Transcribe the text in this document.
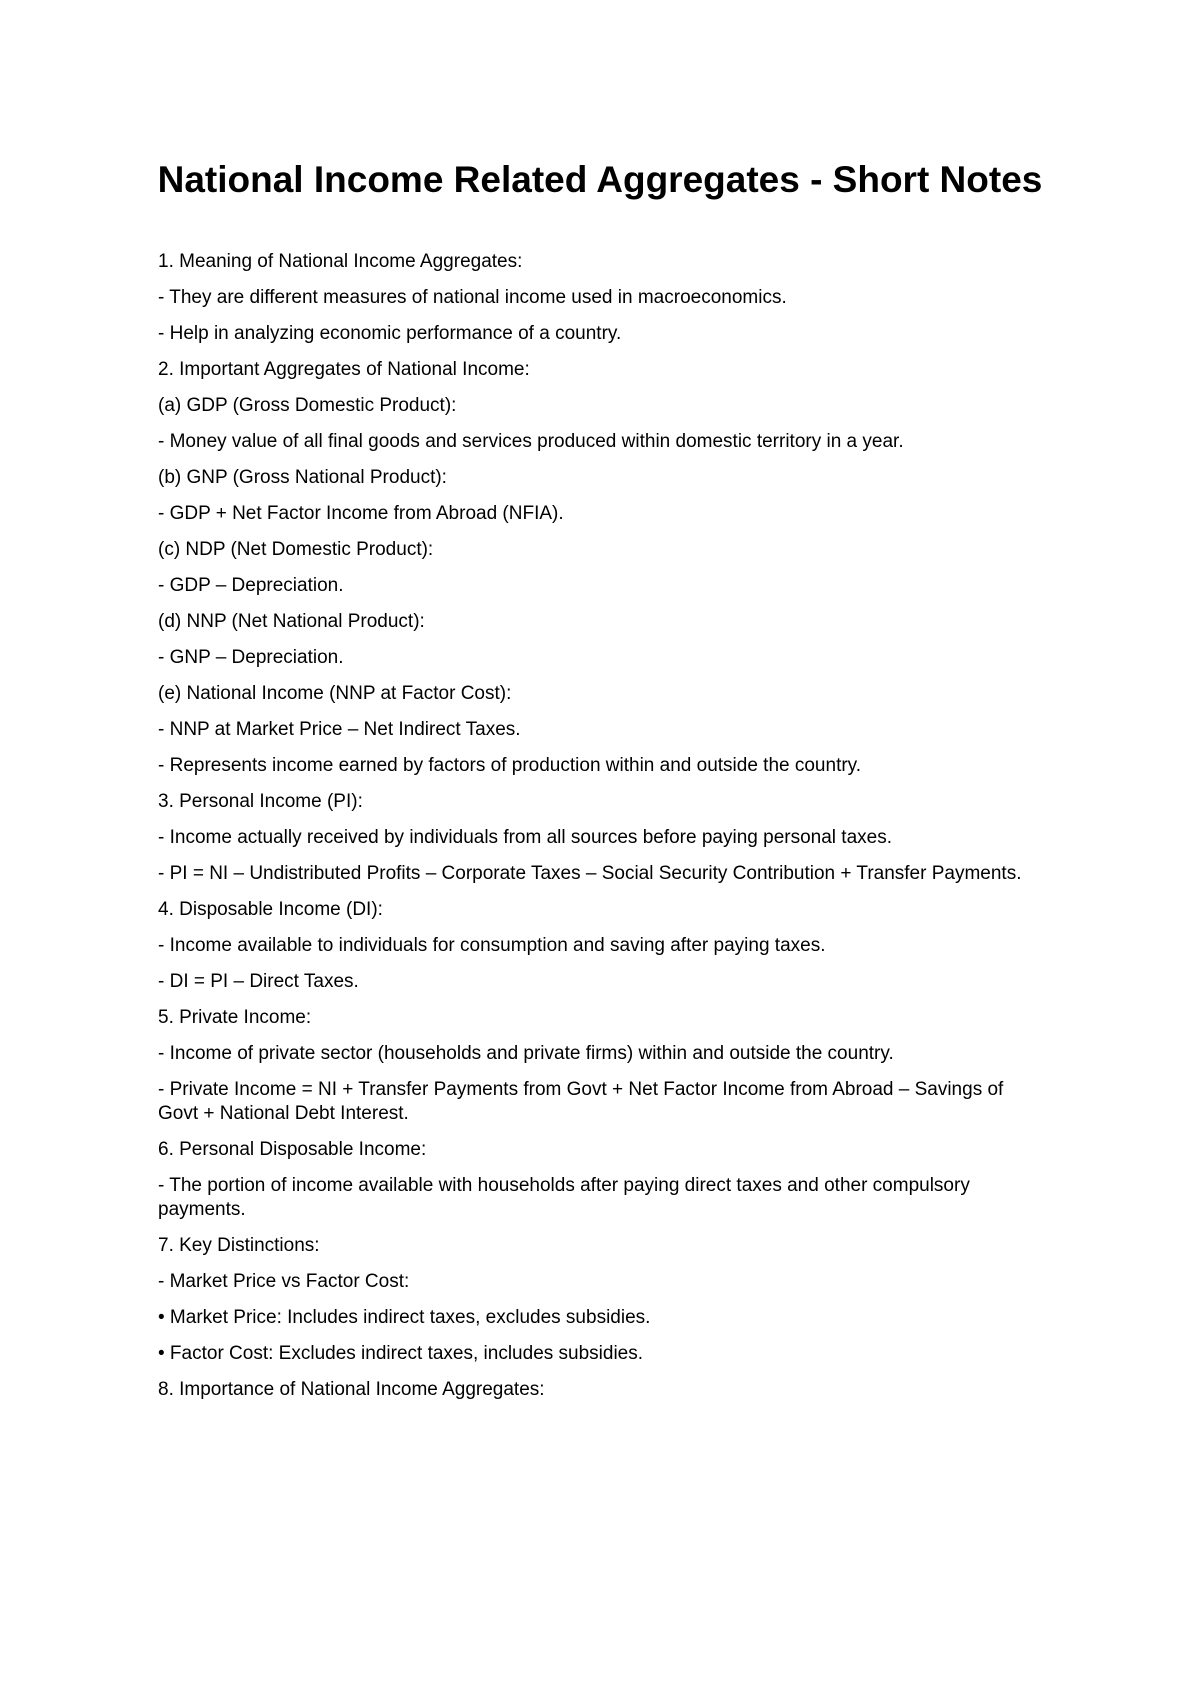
National Income Related Aggregates - Short Notes
1. Meaning of National Income Aggregates:
- They are different measures of national income used in macroeconomics.
- Help in analyzing economic performance of a country.
2. Important Aggregates of National Income:
(a) GDP (Gross Domestic Product):
- Money value of all final goods and services produced within domestic territory in a year.
(b) GNP (Gross National Product):
- GDP + Net Factor Income from Abroad (NFIA).
(c) NDP (Net Domestic Product):
- GDP – Depreciation.
(d) NNP (Net National Product):
- GNP – Depreciation.
(e) National Income (NNP at Factor Cost):
- NNP at Market Price – Net Indirect Taxes.
- Represents income earned by factors of production within and outside the country.
3. Personal Income (PI):
- Income actually received by individuals from all sources before paying personal taxes.
- PI = NI – Undistributed Profits – Corporate Taxes – Social Security Contribution + Transfer Payments.
4. Disposable Income (DI):
- Income available to individuals for consumption and saving after paying taxes.
- DI = PI – Direct Taxes.
5. Private Income:
- Income of private sector (households and private firms) within and outside the country.
- Private Income = NI + Transfer Payments from Govt + Net Factor Income from Abroad – Savings of Govt + National Debt Interest.
6. Personal Disposable Income:
- The portion of income available with households after paying direct taxes and other compulsory payments.
7. Key Distinctions:
- Market Price vs Factor Cost:
• Market Price: Includes indirect taxes, excludes subsidies.
• Factor Cost: Excludes indirect taxes, includes subsidies.
8. Importance of National Income Aggregates:
